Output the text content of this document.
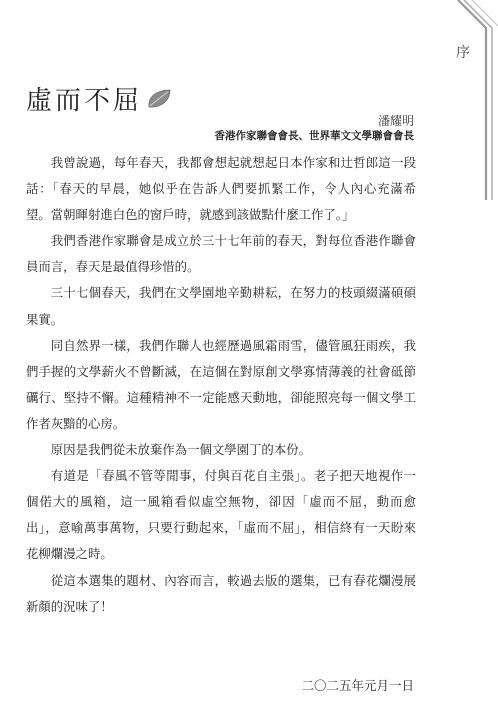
序
虛而不屈
潘耀明
香港作家聯會會長、世界華文文學聯會會長

我曾說過，每年春天，我都會想起就想起日本作家和辻哲郎這一段話：「春天的早晨，她似乎在告訴人們要抓緊工作，令人內心充滿希望。當朝暉射進白色的窗戶時，就感到該做點什麼工作了。」

我們香港作家聯會是成立於三十七年前的春天，對每位香港作聯會員而言，春天是最值得珍惜的。

三十七個春天，我們在文學園地辛勤耕耘，在努力的枝頭綴滿碩碩果實。

同自然界一樣，我們作聯人也經歷過風霜雨雪，儘管風狂雨疾，我們手握的文學薪火不曾斷滅，在這個在對原創文學寡情薄義的社會砥節礪行、堅持不懈。這種精神不一定能感天動地，卻能照亮每一個文學工作者灰黯的心房。

原因是我們從未放棄作為一個文學園丁的本份。

有道是「春風不管等閒事，付與百花自主張」。老子把天地視作一個偌大的風箱，這一風箱看似虛空無物，卻因「虛而不屈，動而愈出」，意喻萬事萬物，只要行動起來，「虛而不屈」，相信終有一天盼來花柳爛漫之時。

從這本選集的題材、內容而言，較過去版的選集，已有春花爛漫展新顏的況味了！

二〇二五年元月一日
